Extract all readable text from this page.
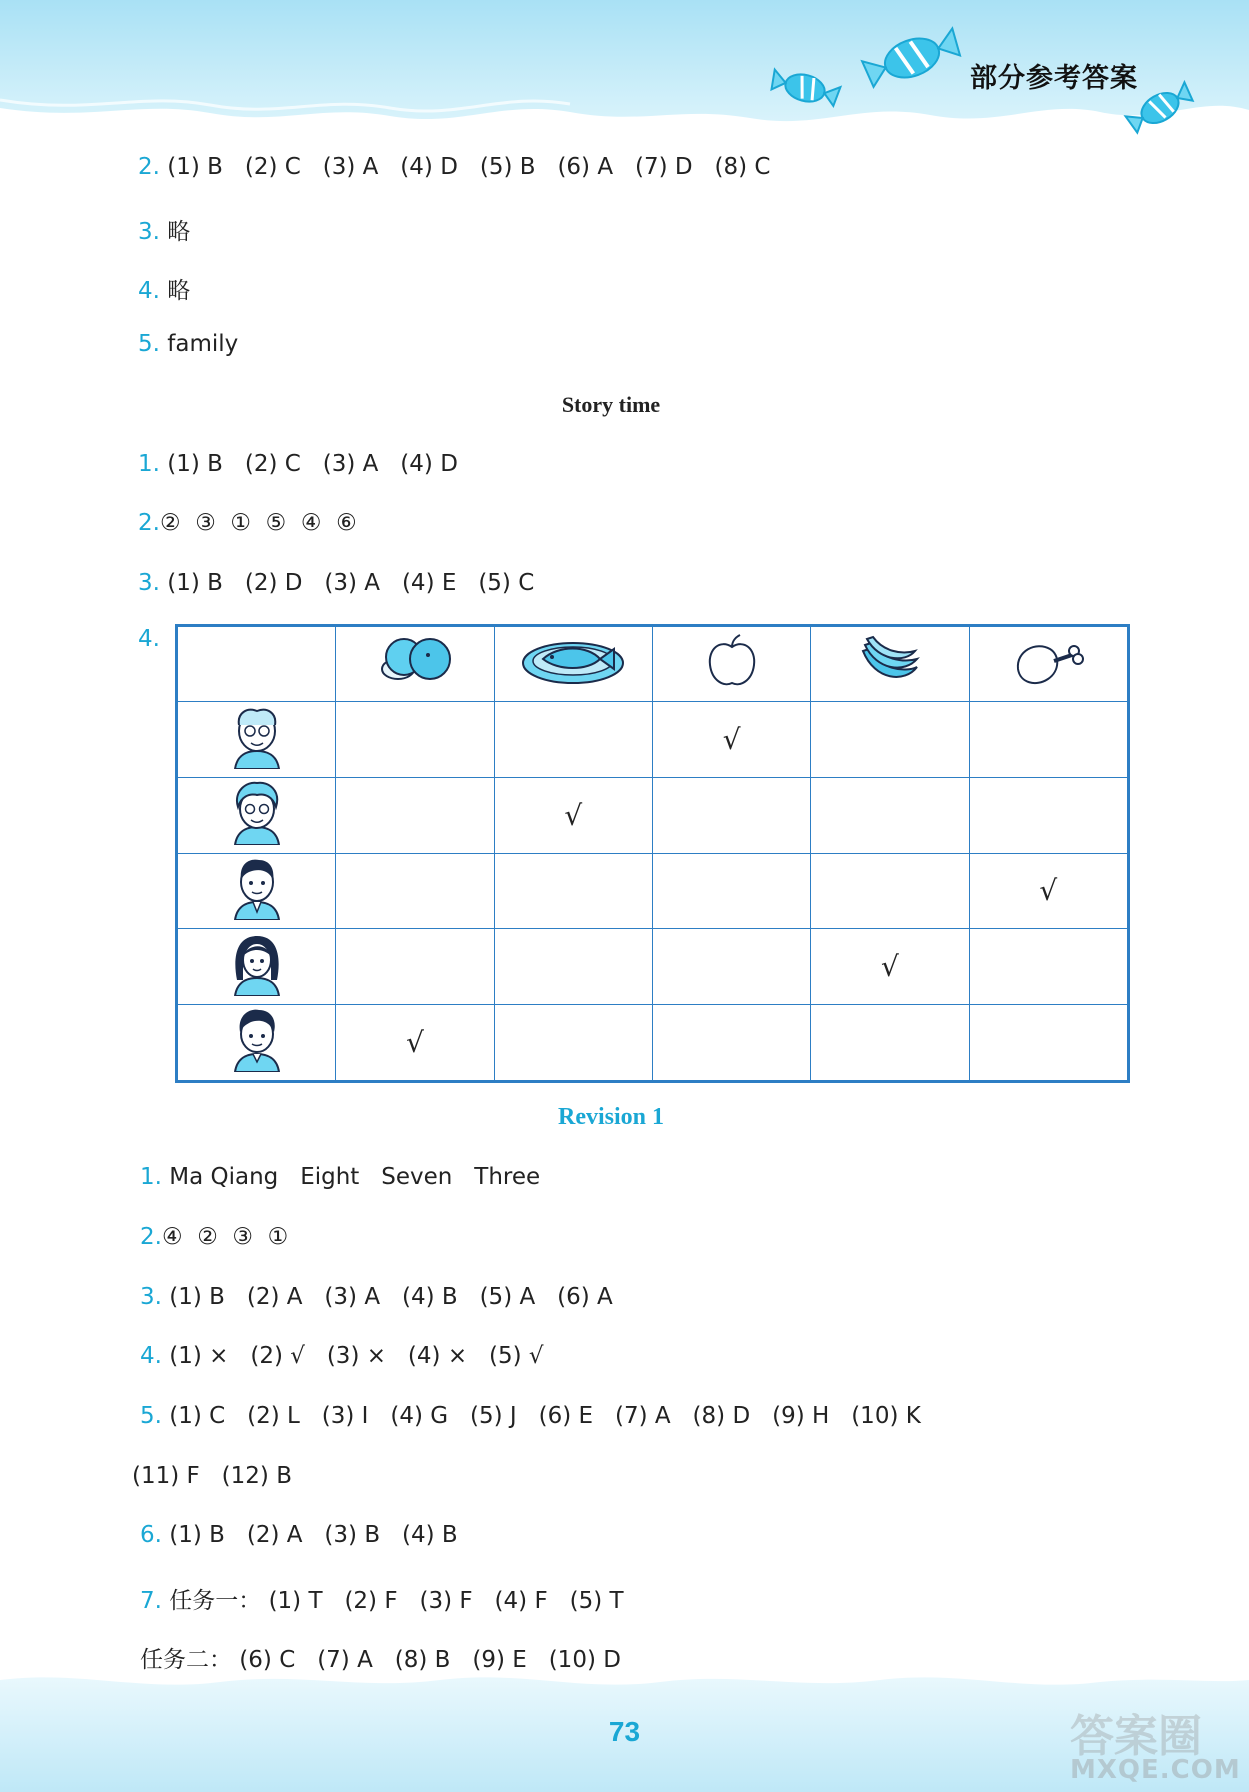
部分参考答案
2. (1) B   (2) C   (3) A   (4) D   (5) B   (6) A   (7) D   (8) C
3. 略
4. 略
5. family
Story time
1. (1) B   (2) C   (3) A   (4) D
2.②  ③  ①  ⑤  ④  ⑥
3. (1) B   (2) D   (3) A   (4) E   (5) C
4.

			√		
		√			
					√
				√	
	√				
Revision 1
1. Ma Qiang   Eight   Seven   Three
2.④  ②  ③  ①
3. (1) B   (2) A   (3) A   (4) B   (5) A   (6) A
4. (1) ×   (2) √   (3) ×   (4) ×   (5) √
5. (1) C   (2) L   (3) I   (4) G   (5) J   (6) E   (7) A   (8) D   (9) H   (10) K
(11) F   (12) B
6. (1) B   (2) A   (3) B   (4) B
7. 任务一： (1) T   (2) F   (3) F   (4) F   (5) T
任务二： (6) C   (7) A   (8) B   (9) E   (10) D
73	答案圈
MXQE.COM
